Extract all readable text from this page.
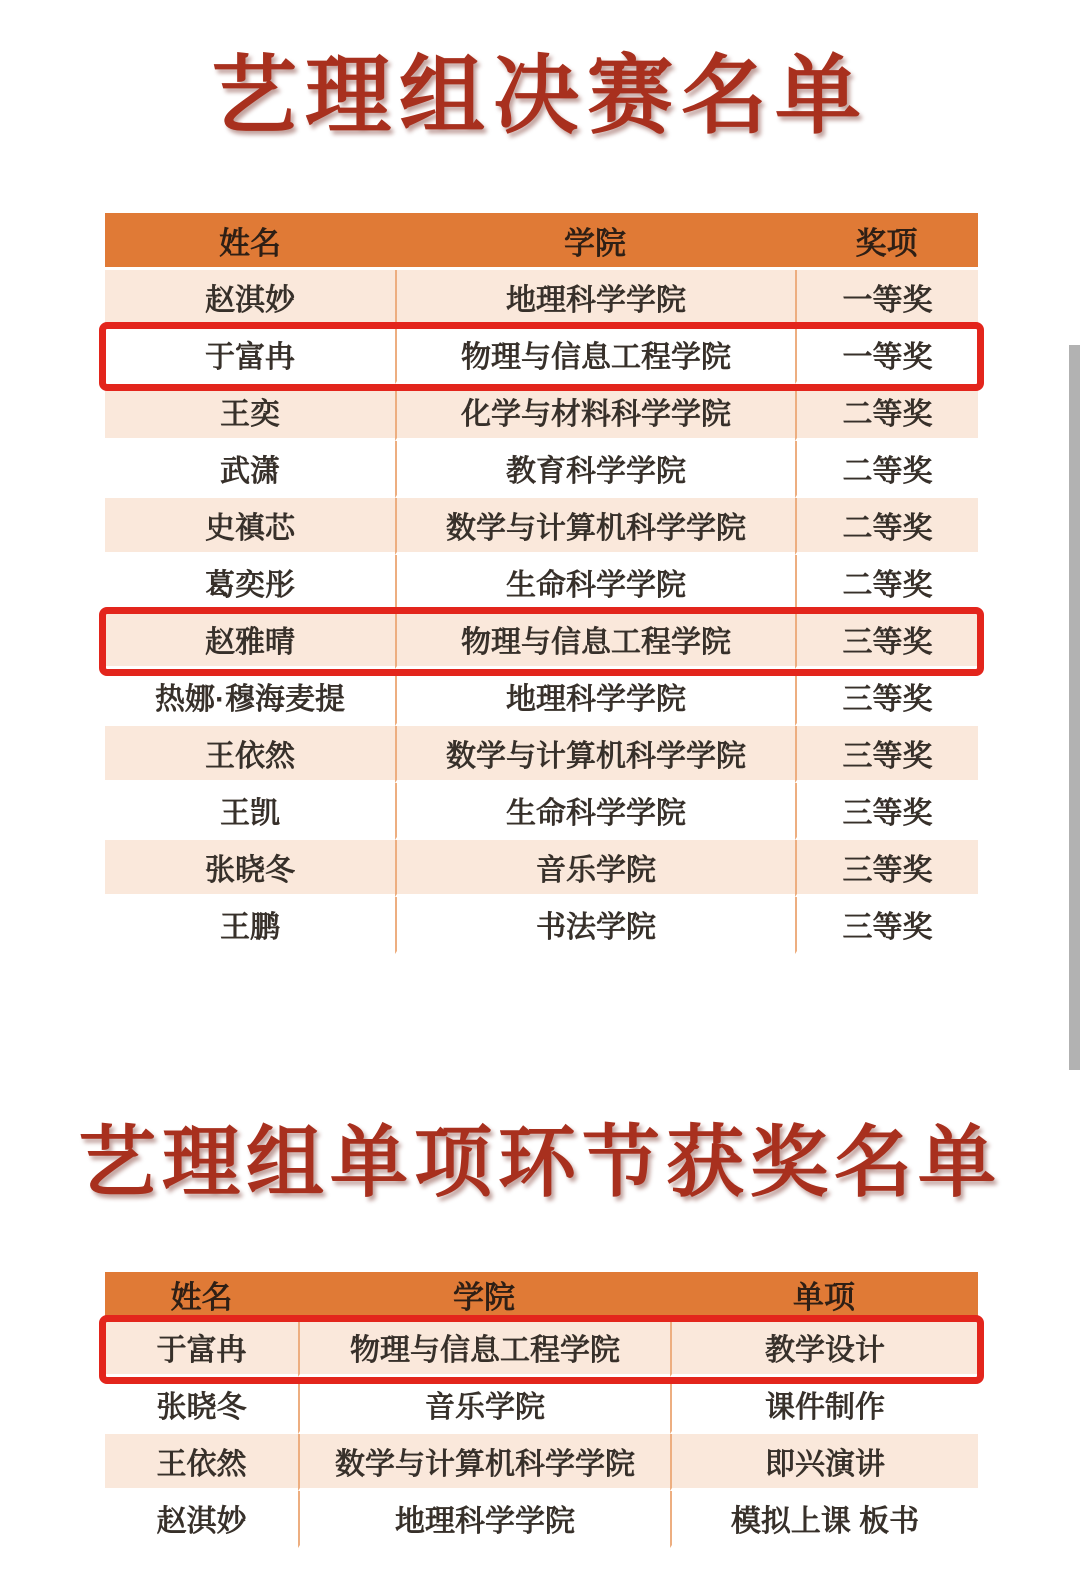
艺理组决赛名单
姓名	学院	奖项
赵淇妙	地理科学学院	一等奖
于富冉	物理与信息工程学院	一等奖
王奕	化学与材料科学学院	二等奖
武潇	教育科学学院	二等奖
史禛芯	数学与计算机科学学院	二等奖
葛奕彤	生命科学学院	二等奖
赵雅晴	物理与信息工程学院	三等奖
热娜·穆海麦提	地理科学学院	三等奖
王依然	数学与计算机科学学院	三等奖
王凯	生命科学学院	三等奖
张晓冬	音乐学院	三等奖
王鹏	书法学院	三等奖
艺理组单项环节获奖名单
姓名	学院	单项
于富冉	物理与信息工程学院	教学设计
张晓冬	音乐学院	课件制作
王依然	数学与计算机科学学院	即兴演讲
赵淇妙	地理科学学院	模拟上课 板书
